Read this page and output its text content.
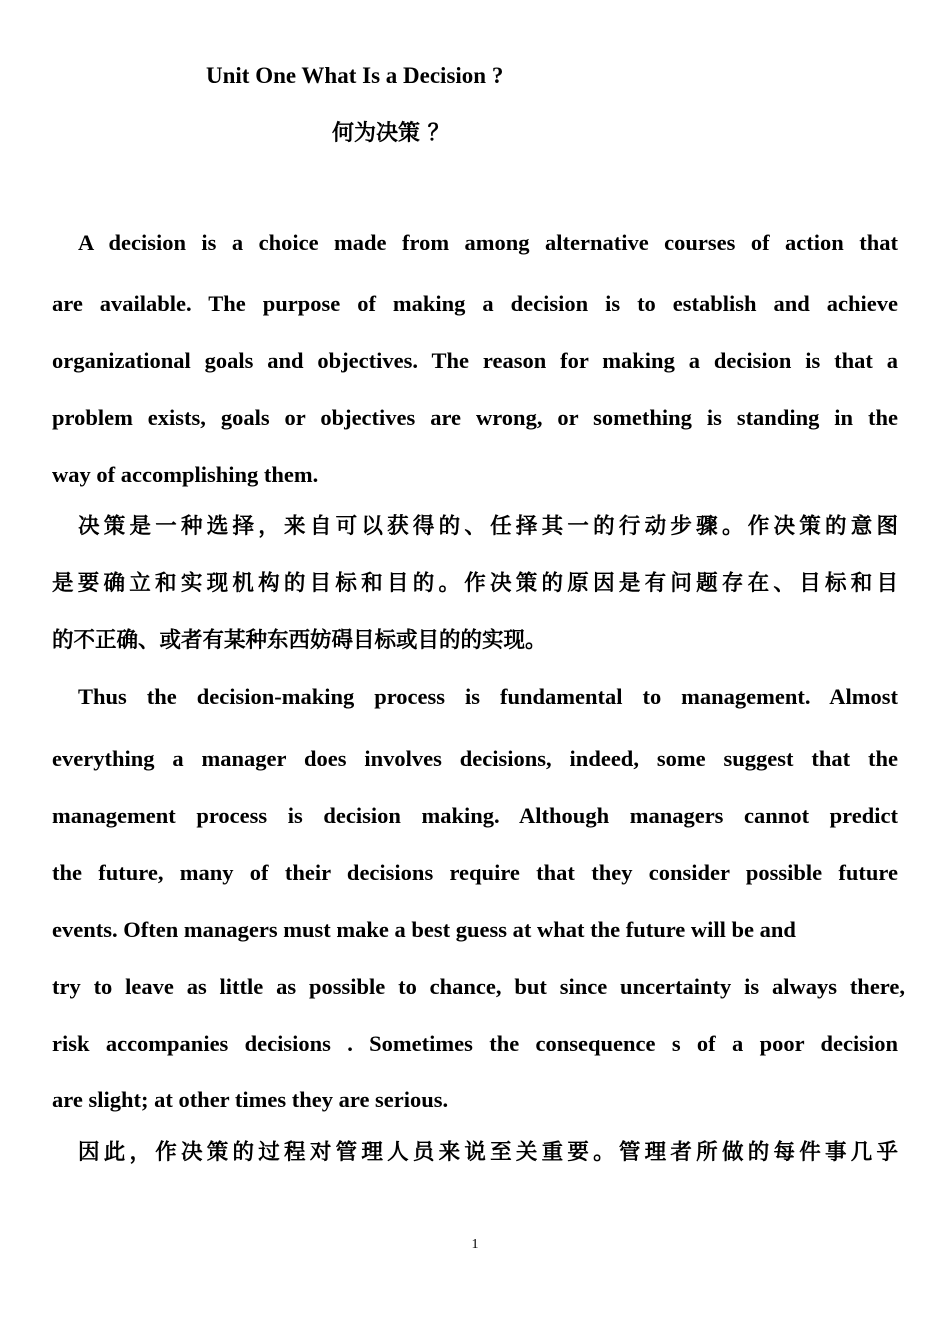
Unit One What Is a Decision ?
何为决策 ？
A decision is a choice made from among alternative courses of action that
are available. The purpose of making a decision is to establish and achieve
organizational goals and objectives. The reason for making a decision is that a
problem exists, goals or objectives are wrong, or something is standing in the
way of accomplishing them.
决策是一种选择，来自可以获得的、任择其一的行动步骤。作决策的意图
是要确立和实现机构的目标和目的。作决策的原因是有问题存在、目标和目
的不正确、或者有某种东西妨碍目标或目的的实现。
Thus the decision-making process is fundamental to management. Almost
everything a manager does involves decisions, indeed, some suggest that the
management process is decision making. Although managers cannot predict
the future, many of their decisions require that they consider possible future
events. Often managers must make a best guess at what the future will be and
try to leave as little as possible to chance, but since uncertainty is always there,
risk accompanies decisions . Sometimes the consequence s of a poor decision
are slight; at other times they are serious.
因此，作决策的过程对管理人员来说至关重要。管理者所做的每件事几乎
1
